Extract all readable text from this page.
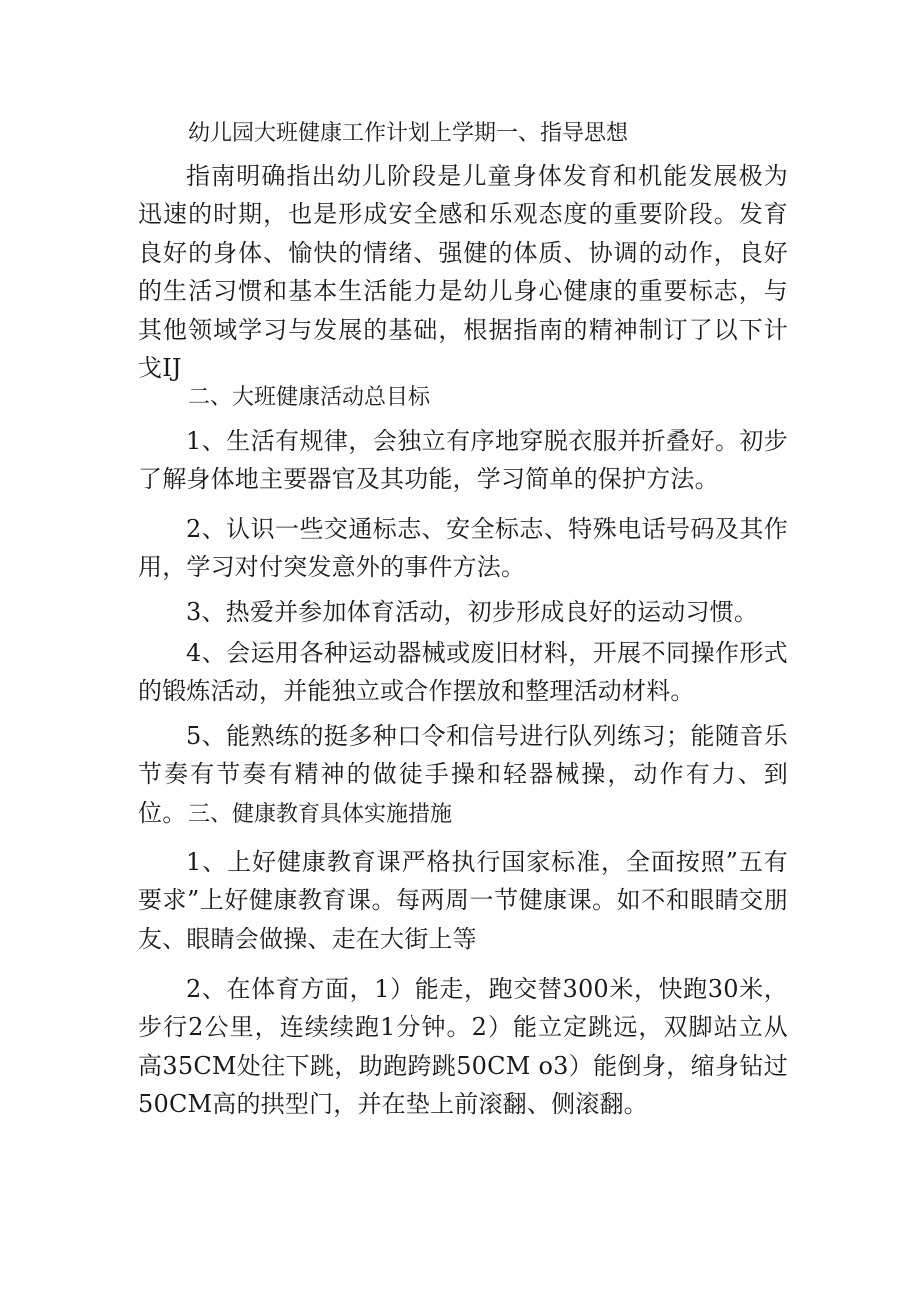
幼儿园大班健康工作计划上学期一、指导思想

指南明确指出幼儿阶段是儿童身体发育和机能发展极为迅速的时期，也是形成安全感和乐观态度的重要阶段。发育良好的身体、愉快的情绪、强健的体质、协调的动作，良好的生活习惯和基本生活能力是幼儿身心健康的重要标志，与其他领域学习与发展的基础，根据指南的精神制订了以下计戈IJ

二、大班健康活动总目标

1、生活有规律，会独立有序地穿脱衣服并折叠好。初步了解身体地主要器官及其功能，学习简单的保护方法。

2、认识一些交通标志、安全标志、特殊电话号码及其作用，学习对付突发意外的事件方法。

3、热爱并参加体育活动，初步形成良好的运动习惯。

4、会运用各种运动器械或废旧材料，开展不同操作形式的锻炼活动，并能独立或合作摆放和整理活动材料。

5、能熟练的挺多种口令和信号进行队列练习；能随音乐节奏有节奏有精神的做徒手操和轻器械操，动作有力、到位。 三、健康教育具体实施措施

1、上好健康教育课严格执行国家标准，全面按照”五有要求”上好健康教育课。每两周一节健康课。如不和眼睛交朋友、眼睛会做操、走在大街上等

2、在体育方面，1）能走，跑交替300米，快跑30米，步行2公里，连续续跑1分钟。2）能立定跳远，双脚站立从高35CM处往下跳，助跑跨跳50CM o3）能倒身，缩身钻过50CM高的拱型门，并在垫上前滚翻、侧滚翻。
